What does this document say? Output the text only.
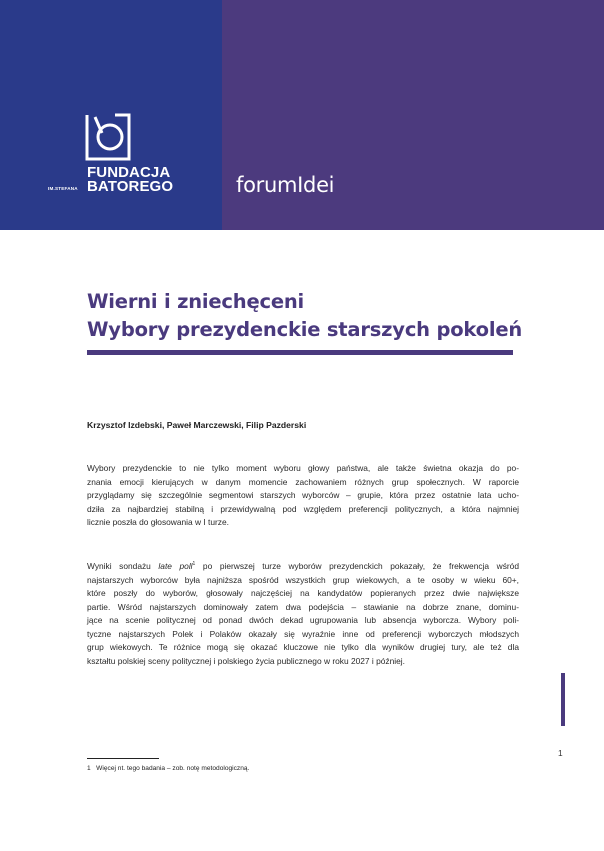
IM.STEFANA
FUNDACJA
BATOREGO	forumIdei
Wierni i zniechęceni
Wybory prezydenckie starszych pokoleń
Krzysztof Izdebski, Paweł Marczewski, Filip Pazderski
Wybory prezydenckie to nie tylko moment wyboru głowy państwa, ale także świetna okazja do po-
znania emocji kierujących w danym momencie zachowaniem różnych grup społecznych. W raporcie
przyglądamy się szczególnie segmentowi starszych wyborców – grupie, która przez ostatnie lata ucho-
dziła za najbardziej stabilną i przewidywalną pod względem preferencji politycznych, a która najmniej
licznie poszła do głosowania w I turze.
Wyniki sondażu late poll$^1$ po pierwszej turze wyborów prezydenckich pokazały, że frekwencja wśród
najstarszych wyborców była najniższa spośród wszystkich grup wiekowych, a te osoby w wieku 60+,
które poszły do wyborów, głosowały najczęściej na kandydatów popieranych przez dwie największe
partie. Wśród najstarszych dominowały zatem dwa podejścia – stawianie na dobrze znane, dominu-
jące na scenie politycznej od ponad dwóch dekad ugrupowania lub absencja wyborcza. Wybory poli-
tyczne najstarszych Polek i Polaków okazały się wyraźnie inne od preferencji wyborczych młodszych
grup wiekowych. Te różnice mogą się okazać kluczowe nie tylko dla wyników drugiej tury, ale też dla
kształtu polskiej sceny politycznej i polskiego życia publicznego w roku 2027 i później.
1
1 Więcej nt. tego badania – zob. notę metodologiczną.
